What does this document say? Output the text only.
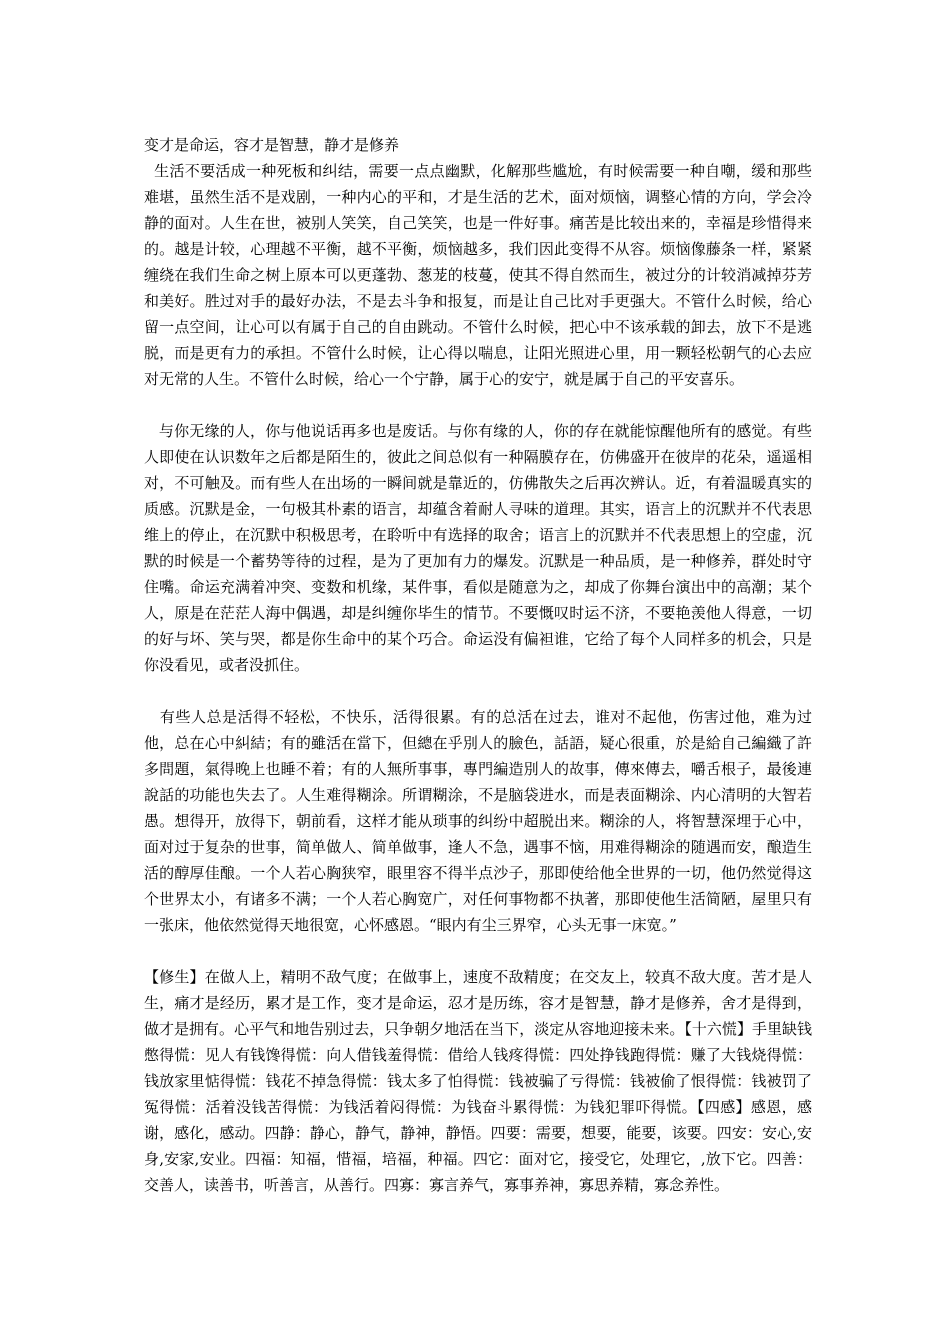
变才是命运，容才是智慧，静才是修养

生活不要活成一种死板和纠结，需要一点点幽默，化解那些尴尬，有时候需要一种自嘲，缓和那些难堪，虽然生活不是戏剧，一种内心的平和，才是生活的艺术，面对烦恼，调整心情的方向，学会冷静的面对。人生在世，被别人笑笑，自己笑笑，也是一件好事。痛苦是比较出来的，幸福是珍惜得来的。越是计较，心理越不平衡，越不平衡，烦恼越多，我们因此变得不从容。烦恼像藤条一样，紧紧缠绕在我们生命之树上原本可以更蓬勃、葱茏的枝蔓，使其不得自然而生，被过分的计较消减掉芬芳和美好。胜过对手的最好办法，不是去斗争和报复，而是让自己比对手更强大。不管什么时候，给心留一点空间，让心可以有属于自己的自由跳动。不管什么时候，把心中不该承载的卸去，放下不是逃脱，而是更有力的承担。不管什么时候，让心得以喘息，让阳光照进心里，用一颗轻松朝气的心去应对无常的人生。不管什么时候，给心一个宁静，属于心的安宁，就是属于自己的平安喜乐。

与你无缘的人，你与他说话再多也是废话。与你有缘的人，你的存在就能惊醒他所有的感觉。有些人即使在认识数年之后都是陌生的，彼此之间总似有一种隔膜存在，仿佛盛开在彼岸的花朵，遥遥相对，不可触及。而有些人在出场的一瞬间就是靠近的，仿佛散失之后再次辨认。近，有着温暖真实的质感。沉默是金，一句极其朴素的语言，却蕴含着耐人寻味的道理。其实，语言上的沉默并不代表思维上的停止，在沉默中积极思考，在聆听中有选择的取舍；语言上的沉默并不代表思想上的空虚，沉默的时候是一个蓄势等待的过程，是为了更加有力的爆发。沉默是一种品质，是一种修养，群处时守住嘴。命运充满着冲突、变数和机缘，某件事，看似是随意为之，却成了你舞台演出中的高潮；某个人，原是在茫茫人海中偶遇，却是纠缠你毕生的情节。不要慨叹时运不济，不要艳羡他人得意，一切的好与坏、笑与哭，都是你生命中的某个巧合。命运没有偏袒谁，它给了每个人同样多的机会，只是你没看见，或者没抓住。

有些人总是活得不轻松，不快乐，活得很累。有的总活在过去，谁对不起他，伤害过他，难为过他，总在心中糾結；有的雖活在當下，但總在乎別人的臉色，話語，疑心很重，於是給自己編織了許多問題，氣得晚上也睡不着；有的人無所事事，專門編造別人的故事，傳來傳去，嚼舌根子，最後連說話的功能也失去了。人生难得糊涂。所谓糊涂，不是脑袋进水，而是表面糊涂、内心清明的大智若愚。想得开，放得下，朝前看，这样才能从琐事的纠纷中超脱出来。糊涂的人，将智慧深埋于心中，面对过于复杂的世事，简单做人、简单做事，逢人不急，遇事不恼，用难得糊涂的随遇而安，酿造生活的醇厚佳酿。一个人若心胸狭窄，眼里容不得半点沙子，那即使给他全世界的一切，他仍然觉得这个世界太小，有诸多不满；一个人若心胸宽广，对任何事物都不执著，那即使他生活简陋，屋里只有一张床，他依然觉得天地很宽，心怀感恩。“眼内有尘三界窄，心头无事一床宽。”

【修生】在做人上，精明不敌气度；在做事上，速度不敌精度；在交友上，较真不敌大度。苦才是人生，痛才是经历，累才是工作，变才是命运，忍才是历练，容才是智慧，静才是修养，舍才是得到，做才是拥有。心平气和地告别过去，只争朝夕地活在当下，淡定从容地迎接未来。【十六慌】手里缺钱憋得慌：见人有钱馋得慌：向人借钱羞得慌：借给人钱疼得慌：四处挣钱跑得慌：赚了大钱烧得慌：钱放家里惦得慌：钱花不掉急得慌：钱太多了怕得慌：钱被骗了亏得慌：钱被偷了恨得慌：钱被罚了冤得慌：活着没钱苦得慌：为钱活着闷得慌：为钱奋斗累得慌：为钱犯罪吓得慌。【四感】感恩，感谢，感化，感动。四静：静心，静气，静神，静悟。四要：需要，想要，能要，该要。四安：安心,安身,安家,安业。四福：知福，惜福，培福，种福。四它：面对它，接受它，处理它，,放下它。四善：交善人，读善书，听善言，从善行。四寡：寡言养气，寡事养神，寡思养精，寡念养性。
